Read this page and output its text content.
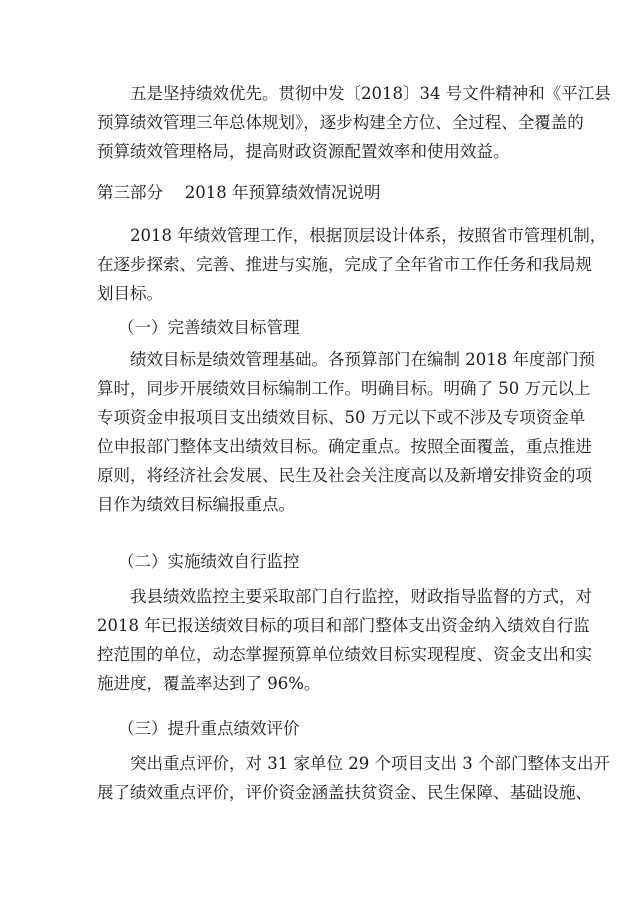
五是坚持绩效优先。贯彻中发〔2018〕34 号文件精神和《平江县
预算绩效管理三年总体规划》，逐步构建全方位、全过程、全覆盖的
预算绩效管理格局，提高财政资源配置效率和使用效益。
第三部分　 2018 年预算绩效情况说明
2018 年绩效管理工作，根据顶层设计体系，按照省市管理机制，
在逐步探索、完善、推进与实施，完成了全年省市工作任务和我局规
划目标。
（一）完善绩效目标管理
绩效目标是绩效管理基础。各预算部门在编制 2018 年度部门预
算时，同步开展绩效目标编制工作。明确目标。明确了 50 万元以上
专项资金申报项目支出绩效目标、50 万元以下或不涉及专项资金单
位申报部门整体支出绩效目标。确定重点。按照全面覆盖，重点推进
原则，将经济社会发展、民生及社会关注度高以及新增安排资金的项
目作为绩效目标编报重点。
（二）实施绩效自行监控
我县绩效监控主要采取部门自行监控，财政指导监督的方式，对
2018 年已报送绩效目标的项目和部门整体支出资金纳入绩效自行监
控范围的单位，动态掌握预算单位绩效目标实现程度、资金支出和实
施进度，覆盖率达到了 96%。
（三）提升重点绩效评价
突出重点评价，对 31 家单位 29 个项目支出 3 个部门整体支出开
展了绩效重点评价，评价资金涵盖扶贫资金、民生保障、基础设施、
